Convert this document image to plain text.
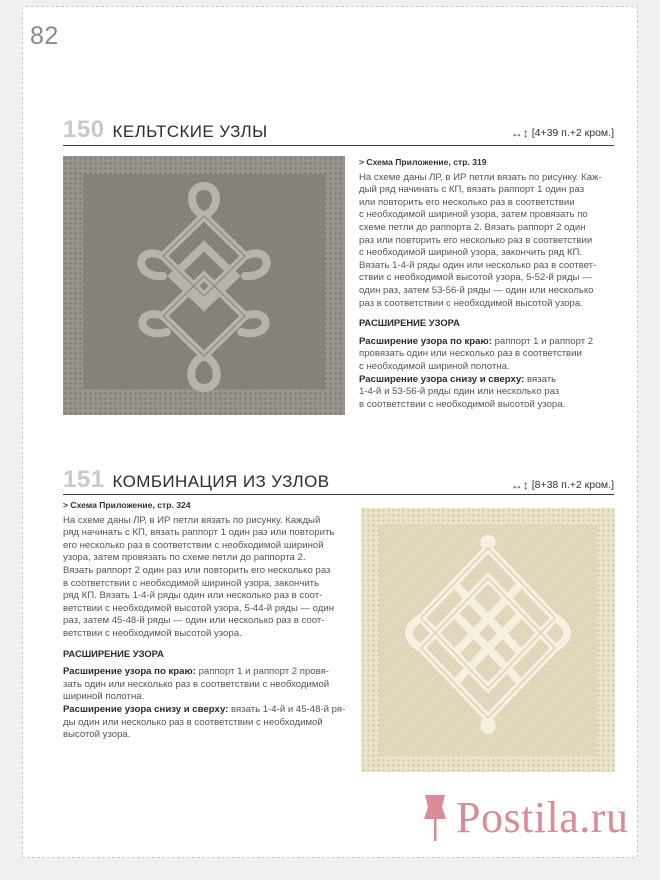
82
150 КЕЛЬТСКИЕ УЗЛЫ	↔↕ [4+39 п.+2 кром.]

> Схема Приложение, стр. 319

На схеме даны ЛР, в ИР петли вязать по рисунку. Каж-

дый ряд начинать с КП, вязать раппорт 1 один раз

или повторить его несколько раз в соответствии

с необходимой шириной узора, затем провязать по

схеме петли до раппорта 2. Вязать раппорт 2 один

раз или повторить его несколько раз в соответствии

с необходимой шириной узора, закончить ряд КП.

Вязать 1-4-й ряды один или несколько раз в соответ-

ствии с необходимой высотой узора, 5-52-й ряды —

один раз, затем 53-56-й ряды — один или несколько

раз в соответствии с необходимой высотой узора.

РАСШИРЕНИЕ УЗОРА

Расширение узора по краю: раппорт 1 и раппорт 2

провязать один или несколько раз в соответствии

с необходимой шириной полотна.

Расширение узора снизу и сверху: вязать

1-4-й и 53-56-й ряды один или несколько раз

в соответствии с необходимой высотой узора.

151 КОМБИНАЦИЯ ИЗ УЗЛОВ	↔↕ [8+38 п.+2 кром.]

> Схема Приложение, стр. 324

На схеме даны ЛР, в ИР петли вязать по рисунку. Каждый

ряд начинать с КП, вязать раппорт 1 один раз или повторить

его несколько раз в соответствии с необходимой шириной

узора, затем провязать по схеме петли до раппорта 2.

Вязать раппорт 2 один раз или повторить его несколько раз

в соответствии с необходимой шириной узора, закончить

ряд КП. Вязать 1-4-й ряды один или несколько раз в соот-

ветствии с необходимой высотой узора, 5-44-й ряды — один

раз, затем 45-48-й ряды — один или несколько раз в соот-

ветствии с необходимой высотой узора.

РАСШИРЕНИЕ УЗОРА

Расширение узора по краю: раппорт 1 и раппорт 2 провя-

зать один или несколько раз в соответствии с необходимой

шириной полотна.

Расширение узора снизу и сверху: вязать 1-4-й и 45-48-й ря-

ды один или несколько раз в соответствии с необходимой

высотой узора.

Postila.ru
